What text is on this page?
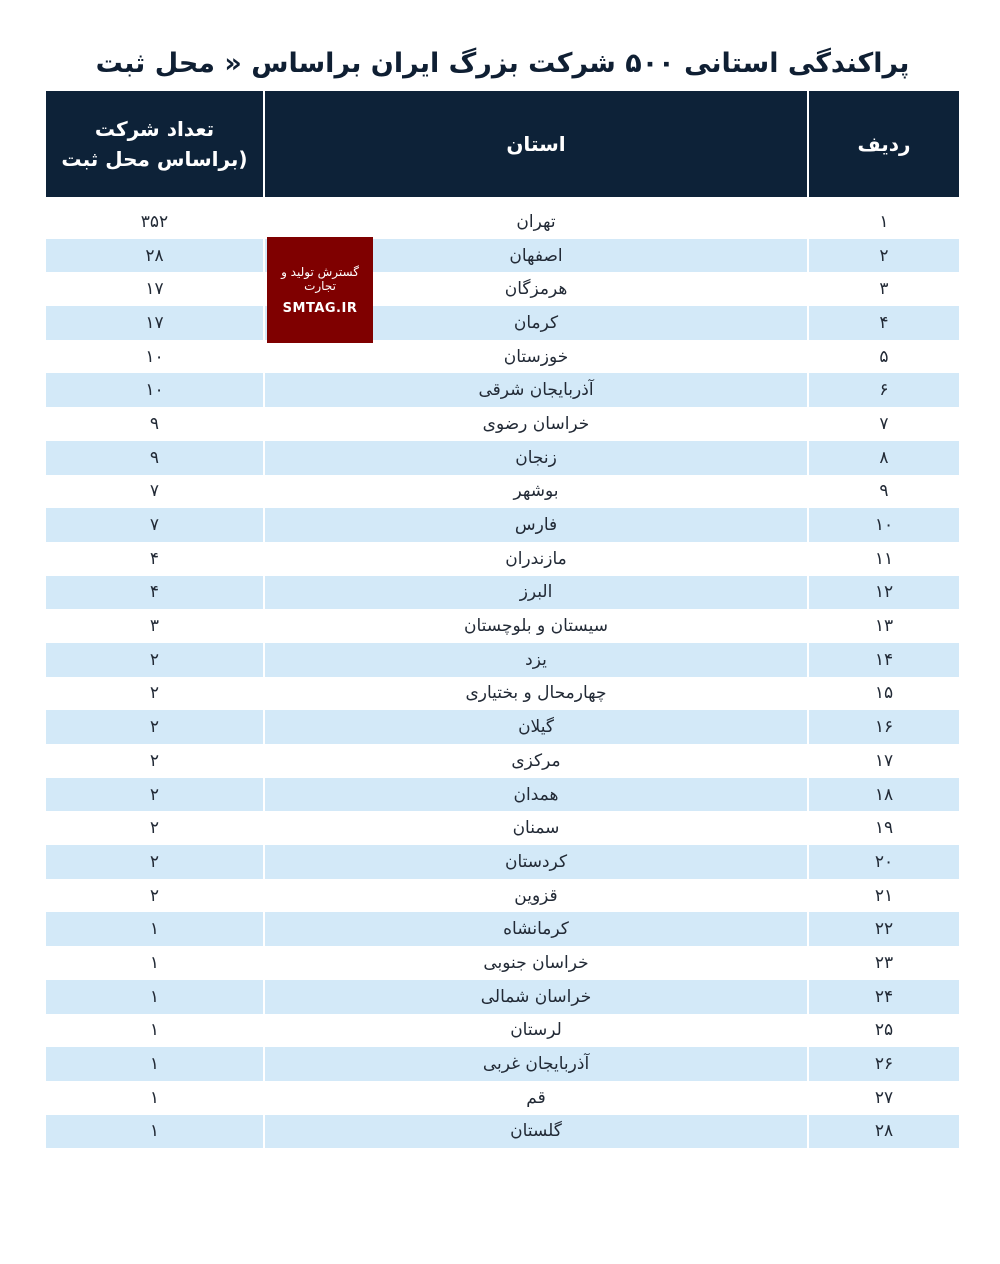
پراکندگی استانی ۵۰۰ شرکت بزرگ ایران براساس « محل ثبت
ردیف	استان	تعداد شرکت
(براساس محل ثبت

۱	تهران	۳۵۲
۲	اصفهان	۲۸
۳	هرمزگان	۱۷
۴	کرمان	۱۷
۵	خوزستان	۱۰
۶	آذربایجان شرقی	۱۰
۷	خراسان رضوی	۹
۸	زنجان	۹
۹	بوشهر	۷
۱۰	فارس	۷
۱۱	مازندران	۴
۱۲	البرز	۴
۱۳	سیستان و بلوچستان	۳
۱۴	یزد	۲
۱۵	چهارمحال و بختیاری	۲
۱۶	گیلان	۲
۱۷	مرکزی	۲
۱۸	همدان	۲
۱۹	سمنان	۲
۲۰	کردستان	۲
۲۱	قزوین	۲
۲۲	کرمانشاه	۱
۲۳	خراسان جنوبی	۱
۲۴	خراسان شمالی	۱
۲۵	لرستان	۱
۲۶	آذربایجان غربی	۱
۲۷	قم	۱
۲۸	گلستان	۱
گسترش تولید و تجارت
SMTAG.IR
